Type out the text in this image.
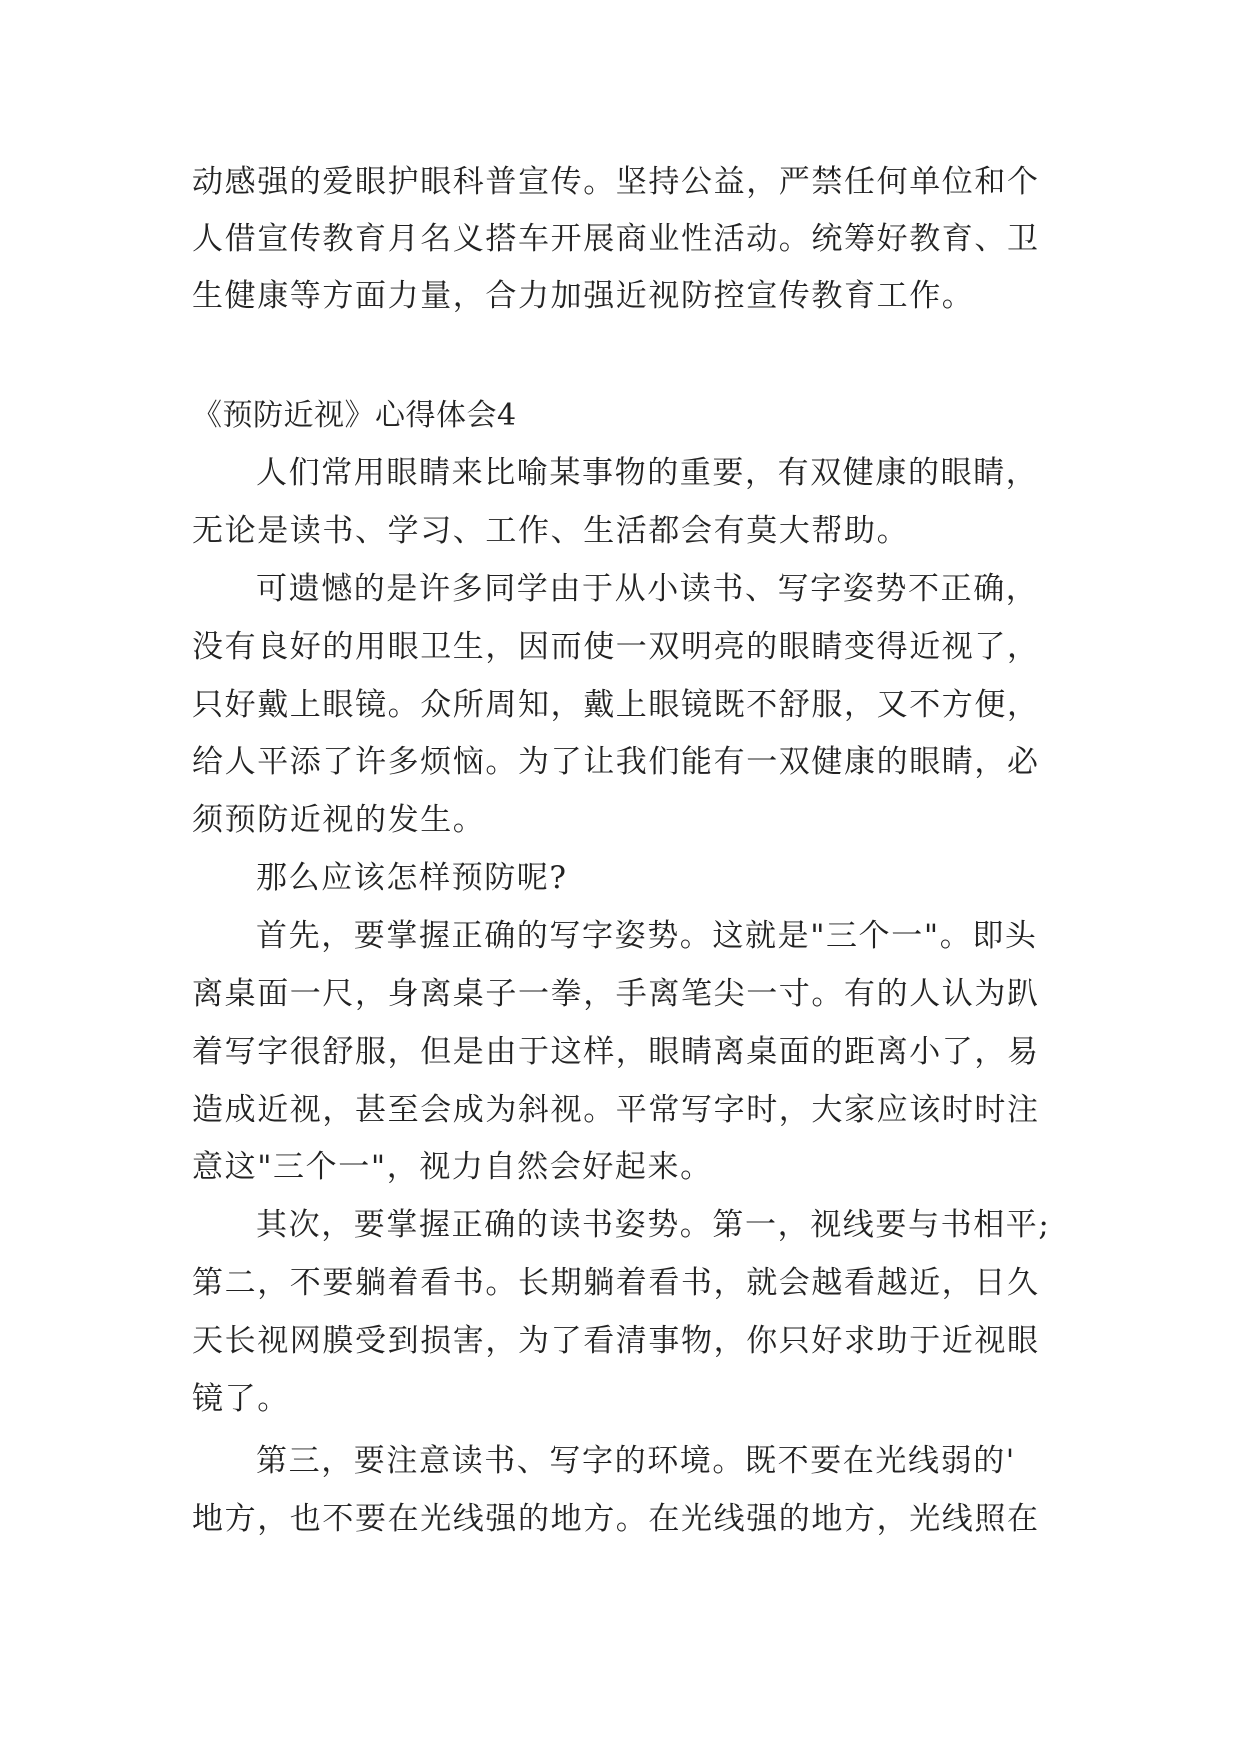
动感强的爱眼护眼科普宣传。坚持公益，严禁任何单位和个
人借宣传教育月名义搭车开展商业性活动。统筹好教育、卫
生健康等方面力量，合力加强近视防控宣传教育工作。
《预防近视》心得体会4
人们常用眼睛来比喻某事物的重要，有双健康的眼睛，
无论是读书、学习、工作、生活都会有莫大帮助。
可遗憾的是许多同学由于从小读书、写字姿势不正确，
没有良好的用眼卫生，因而使一双明亮的眼睛变得近视了，
只好戴上眼镜。众所周知，戴上眼镜既不舒服，又不方便，
给人平添了许多烦恼。为了让我们能有一双健康的眼睛，必
须预防近视的发生。
那么应该怎样预防呢?
首先，要掌握正确的写字姿势。这就是"三个一"。即头
离桌面一尺，身离桌子一拳，手离笔尖一寸。有的人认为趴
着写字很舒服，但是由于这样，眼睛离桌面的距离小了，易
造成近视，甚至会成为斜视。平常写字时，大家应该时时注
意这"三个一"，视力自然会好起来。
其次，要掌握正确的读书姿势。第一，视线要与书相平;
第二，不要躺着看书。长期躺着看书，就会越看越近，日久
天长视网膜受到损害，为了看清事物，你只好求助于近视眼
镜了。
第三，要注意读书、写字的环境。既不要在光线弱的'
地方，也不要在光线强的地方。在光线强的地方，光线照在
